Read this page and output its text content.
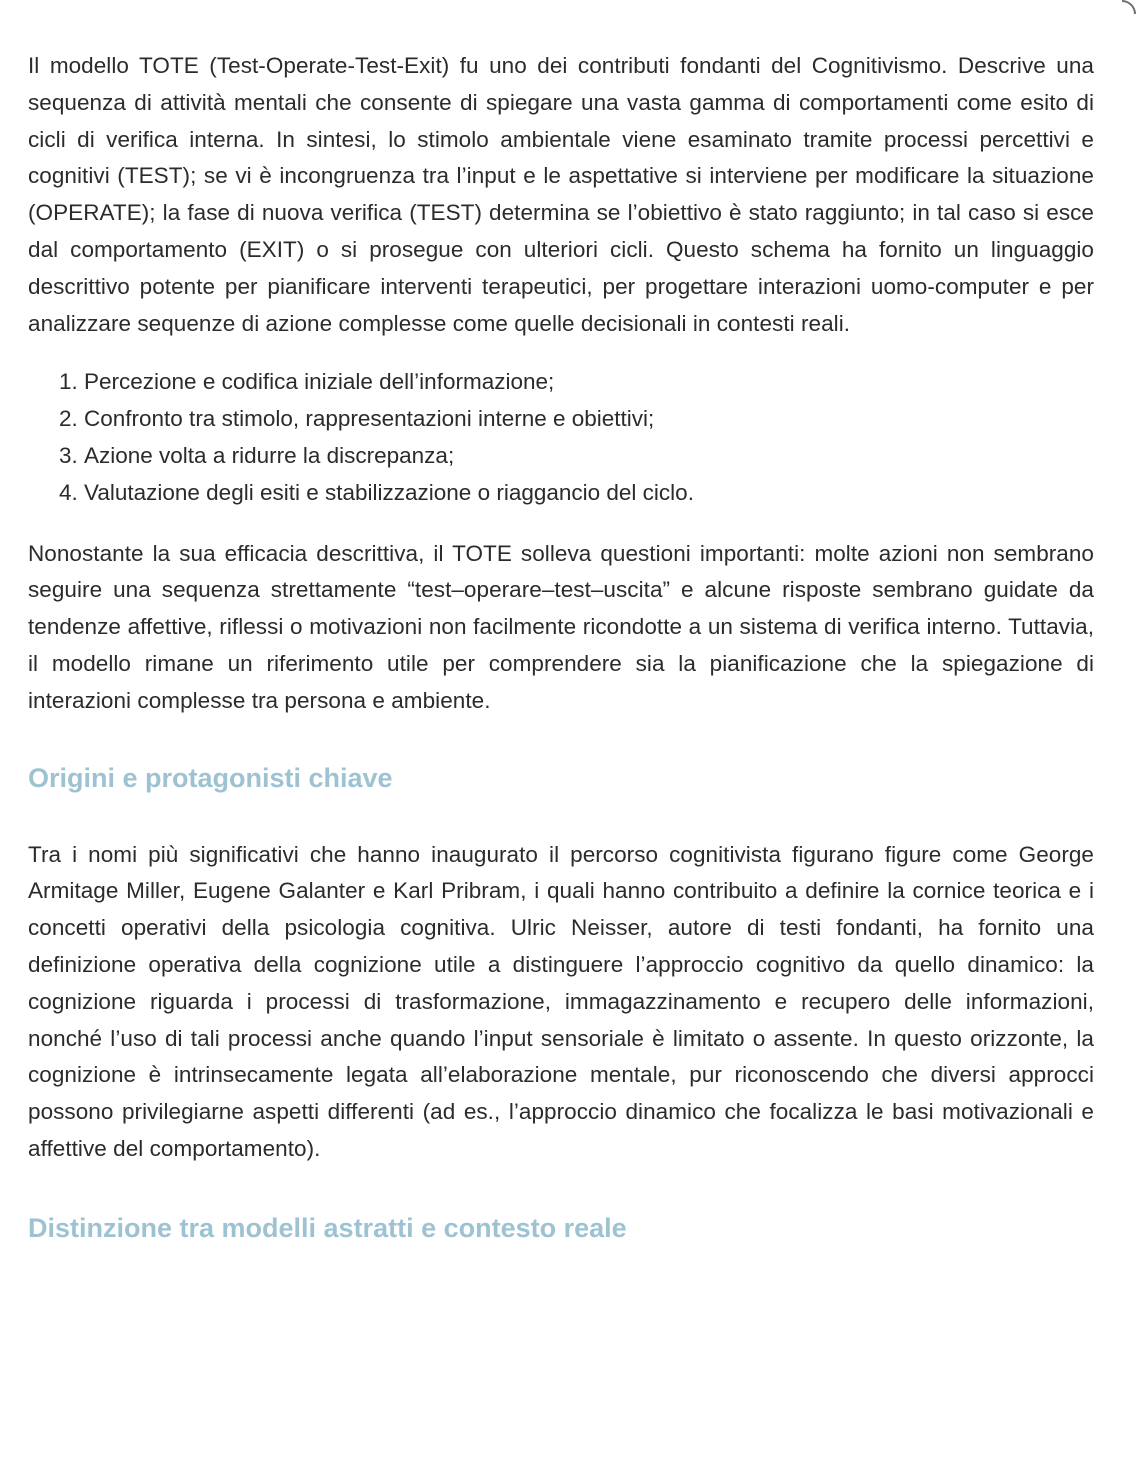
Il modello TOTE (Test-Operate-Test-Exit) fu uno dei contributi fondanti del Cognitivismo. Descrive una sequenza di attività mentali che consente di spiegare una vasta gamma di comportamenti come esito di cicli di verifica interna. In sintesi, lo stimolo ambientale viene esaminato tramite processi percettivi e cognitivi (TEST); se vi è incongruenza tra l’input e le aspettative si interviene per modificare la situazione (OPERATE); la fase di nuova verifica (TEST) determina se l’obiettivo è stato raggiunto; in tal caso si esce dal comportamento (EXIT) o si prosegue con ulteriori cicli. Questo schema ha fornito un linguaggio descrittivo potente per pianificare interventi terapeutici, per progettare interazioni uomo-computer e per analizzare sequenze di azione complesse come quelle decisionali in contesti reali.

1. Percezione e codifica iniziale dell’informazione;
2. Confronto tra stimolo, rappresentazioni interne e obiettivi;
3. Azione volta a ridurre la discrepanza;
4. Valutazione degli esiti e stabilizzazione o riaggancio del ciclo.

Nonostante la sua efficacia descrittiva, il TOTE solleva questioni importanti: molte azioni non sembrano seguire una sequenza strettamente “test–operare–test–uscita” e alcune risposte sembrano guidate da tendenze affettive, riflessi o motivazioni non facilmente ricondotte a un sistema di verifica interno. Tuttavia, il modello rimane un riferimento utile per comprendere sia la pianificazione che la spiegazione di interazioni complesse tra persona e ambiente.

Origini e protagonisti chiave

Tra i nomi più significativi che hanno inaugurato il percorso cognitivista figurano figure come George Armitage Miller, Eugene Galanter e Karl Pribram, i quali hanno contribuito a definire la cornice teorica e i concetti operativi della psicologia cognitiva. Ulric Neisser, autore di testi fondanti, ha fornito una definizione operativa della cognizione utile a distinguere l’approccio cognitivo da quello dinamico: la cognizione riguarda i processi di trasformazione, immagazzinamento e recupero delle informazioni, nonché l’uso di tali processi anche quando l’input sensoriale è limitato o assente. In questo orizzonte, la cognizione è intrinsecamente legata all’elaborazione mentale, pur riconoscendo che diversi approcci possono privilegiarne aspetti differenti (ad es., l’approccio dinamico che focalizza le basi motivazionali e affettive del comportamento).

Distinzione tra modelli astratti e contesto reale
